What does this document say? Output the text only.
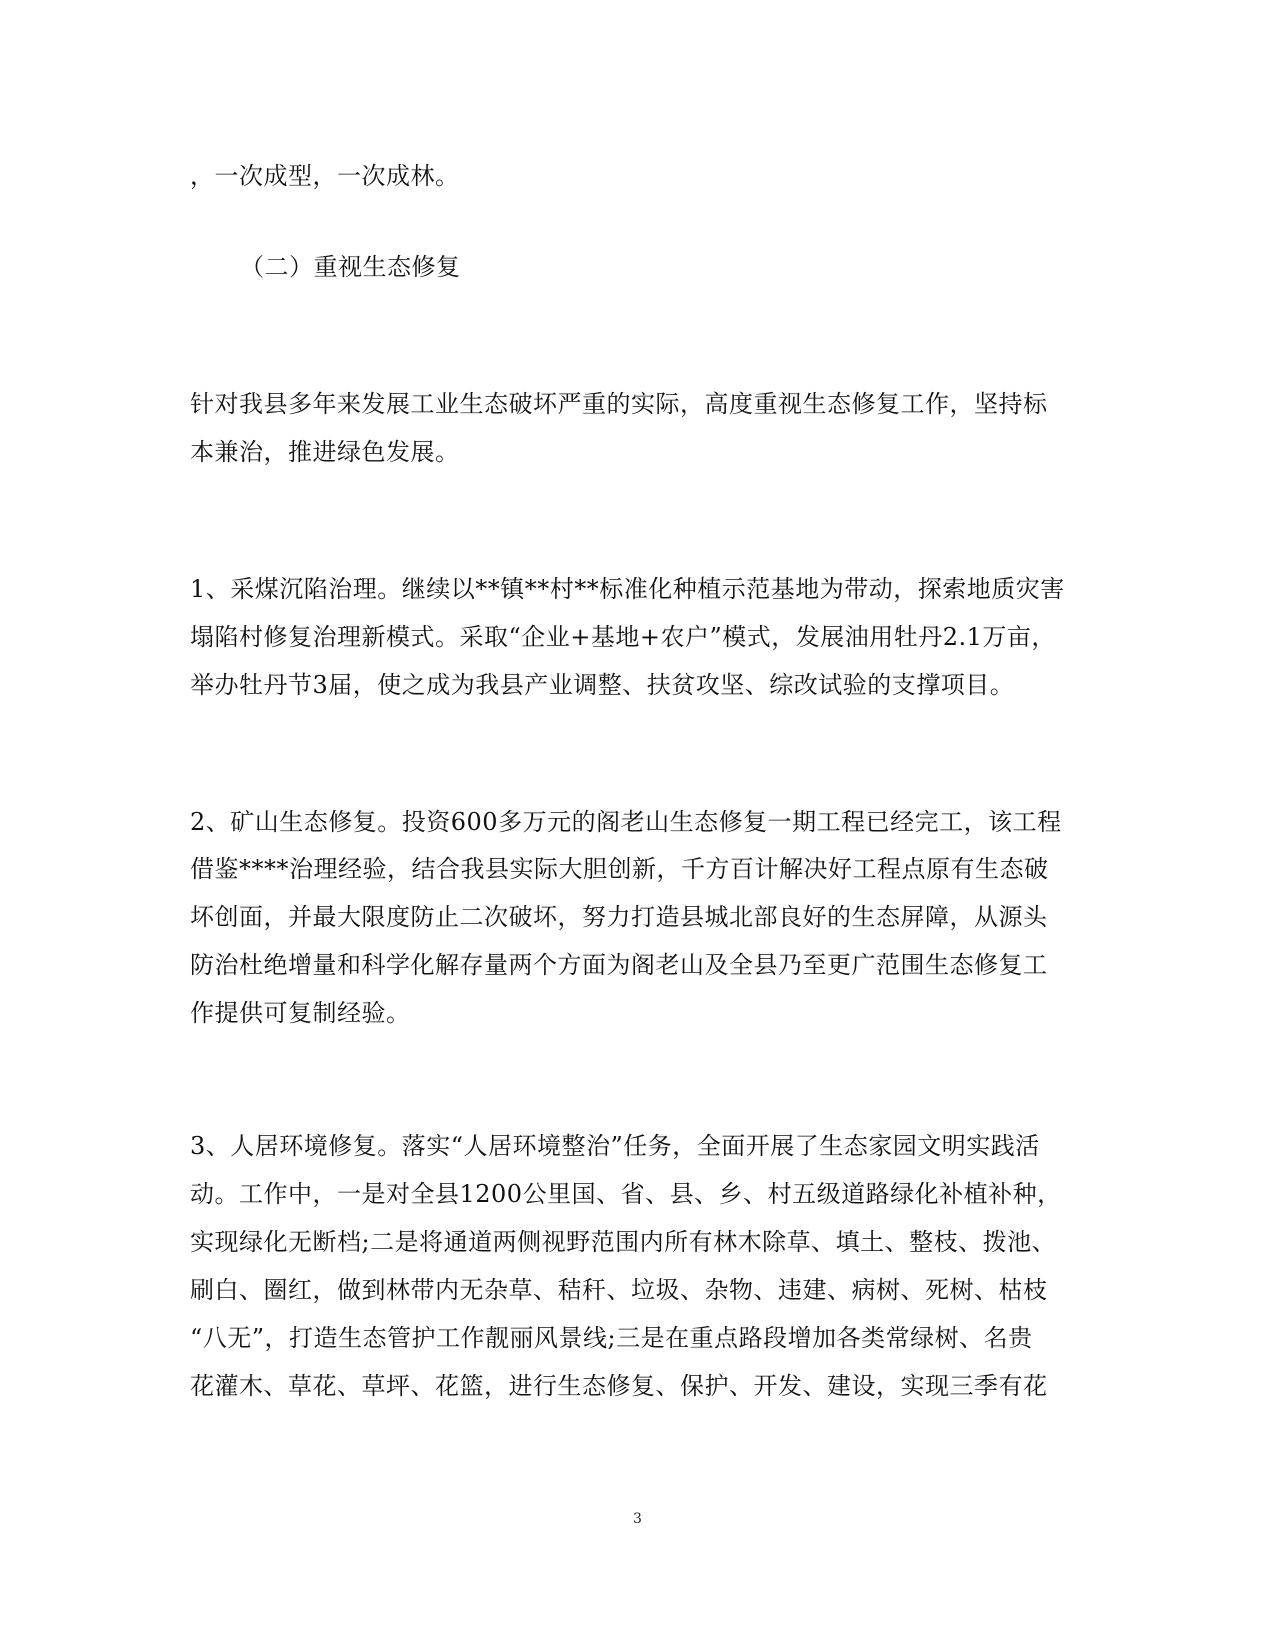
，一次成型，一次成林。
（二）重视生态修复
针对我县多年来发展工业生态破坏严重的实际，高度重视生态修复工作，坚持标
本兼治，推进绿色发展。
1、采煤沉陷治理。继续以**镇**村**标准化种植示范基地为带动，探索地质灾害
塌陷村修复治理新模式。采取“企业+基地+农户”模式，发展油用牡丹2.1万亩，
举办牡丹节3届，使之成为我县产业调整、扶贫攻坚、综改试验的支撑项目。
2、矿山生态修复。投资600多万元的阁老山生态修复一期工程已经完工，该工程
借鉴****治理经验，结合我县实际大胆创新，千方百计解决好工程点原有生态破
坏创面，并最大限度防止二次破坏，努力打造县城北部良好的生态屏障，从源头
防治杜绝增量和科学化解存量两个方面为阁老山及全县乃至更广范围生态修复工
作提供可复制经验。
3、人居环境修复。落实“人居环境整治”任务，全面开展了生态家园文明实践活
动。工作中，一是对全县1200公里国、省、县、乡、村五级道路绿化补植补种，
实现绿化无断档;二是将通道两侧视野范围内所有林木除草、填土、整枝、拨池、
刷白、圈红，做到林带内无杂草、秸秆、垃圾、杂物、违建、病树、死树、枯枝
“八无”，打造生态管护工作靓丽风景线;三是在重点路段增加各类常绿树、名贵
花灌木、草花、草坪、花篮，进行生态修复、保护、开发、建设，实现三季有花
3
